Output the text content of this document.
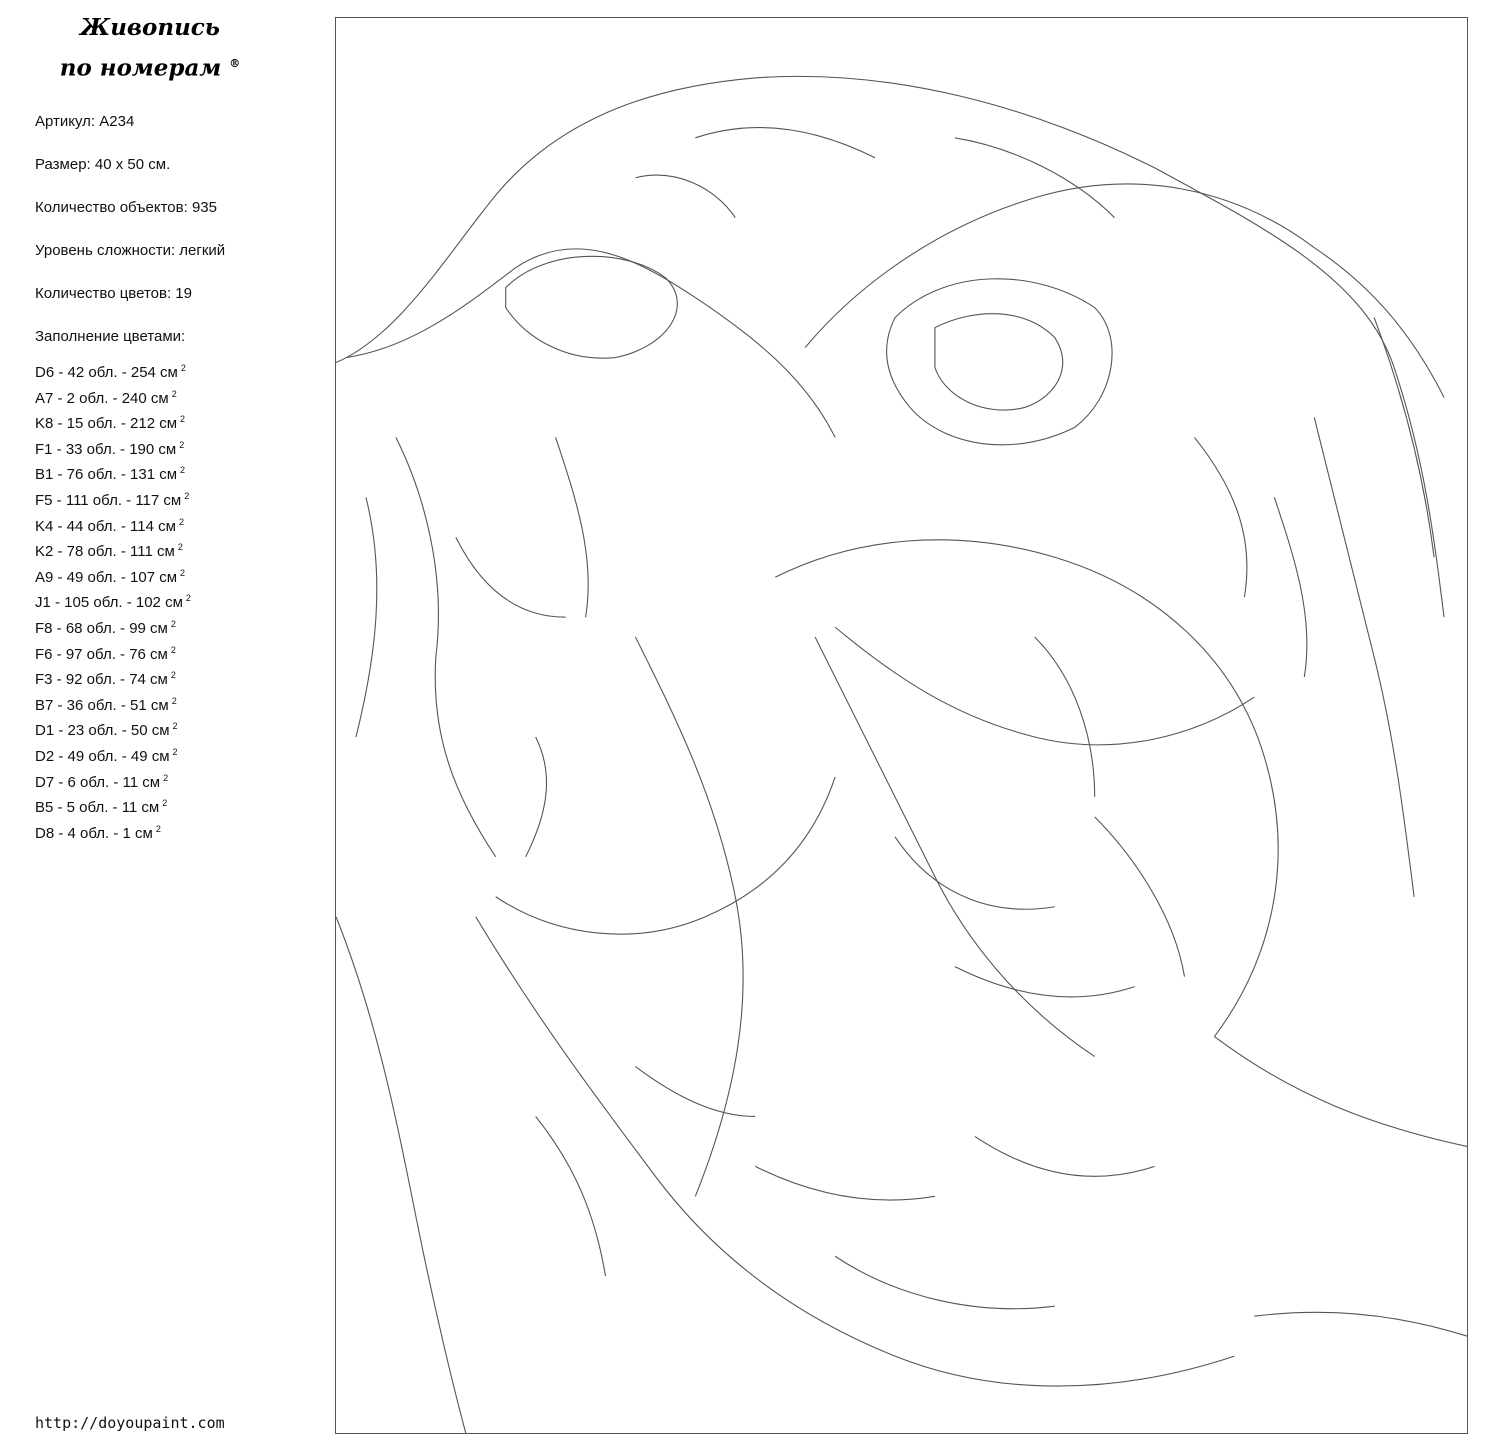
Живопись
по номерам ®
Артикул: A234
Размер: 40 х 50 см.
Количество объектов: 935
Уровень сложности: легкий
Количество цветов: 19
Заполнение цветами:
D6 - 42 обл. - 254 см $^2$
A7 - 2 обл. - 240 см $^2$
K8 - 15 обл. - 212 см $^2$
F1 - 33 обл. - 190 см $^2$
B1 - 76 обл. - 131 см $^2$
F5 - 111 обл. - 117 см $^2$
K4 - 44 обл. - 114 см $^2$
K2 - 78 обл. - 111 см $^2$
A9 - 49 обл. - 107 см $^2$
J1 - 105 обл. - 102 см $^2$
F8 - 68 обл. - 99 см $^2$
F6 - 97 обл. - 76 см $^2$
F3 - 92 обл. - 74 см $^2$
B7 - 36 обл. - 51 см $^2$
D1 - 23 обл. - 50 см $^2$
D2 - 49 обл. - 49 см $^2$
D7 - 6 обл. - 11 см $^2$
B5 - 5 обл. - 11 см $^2$
D8 - 4 обл. - 1 см $^2$
http://doyoupaint.com
